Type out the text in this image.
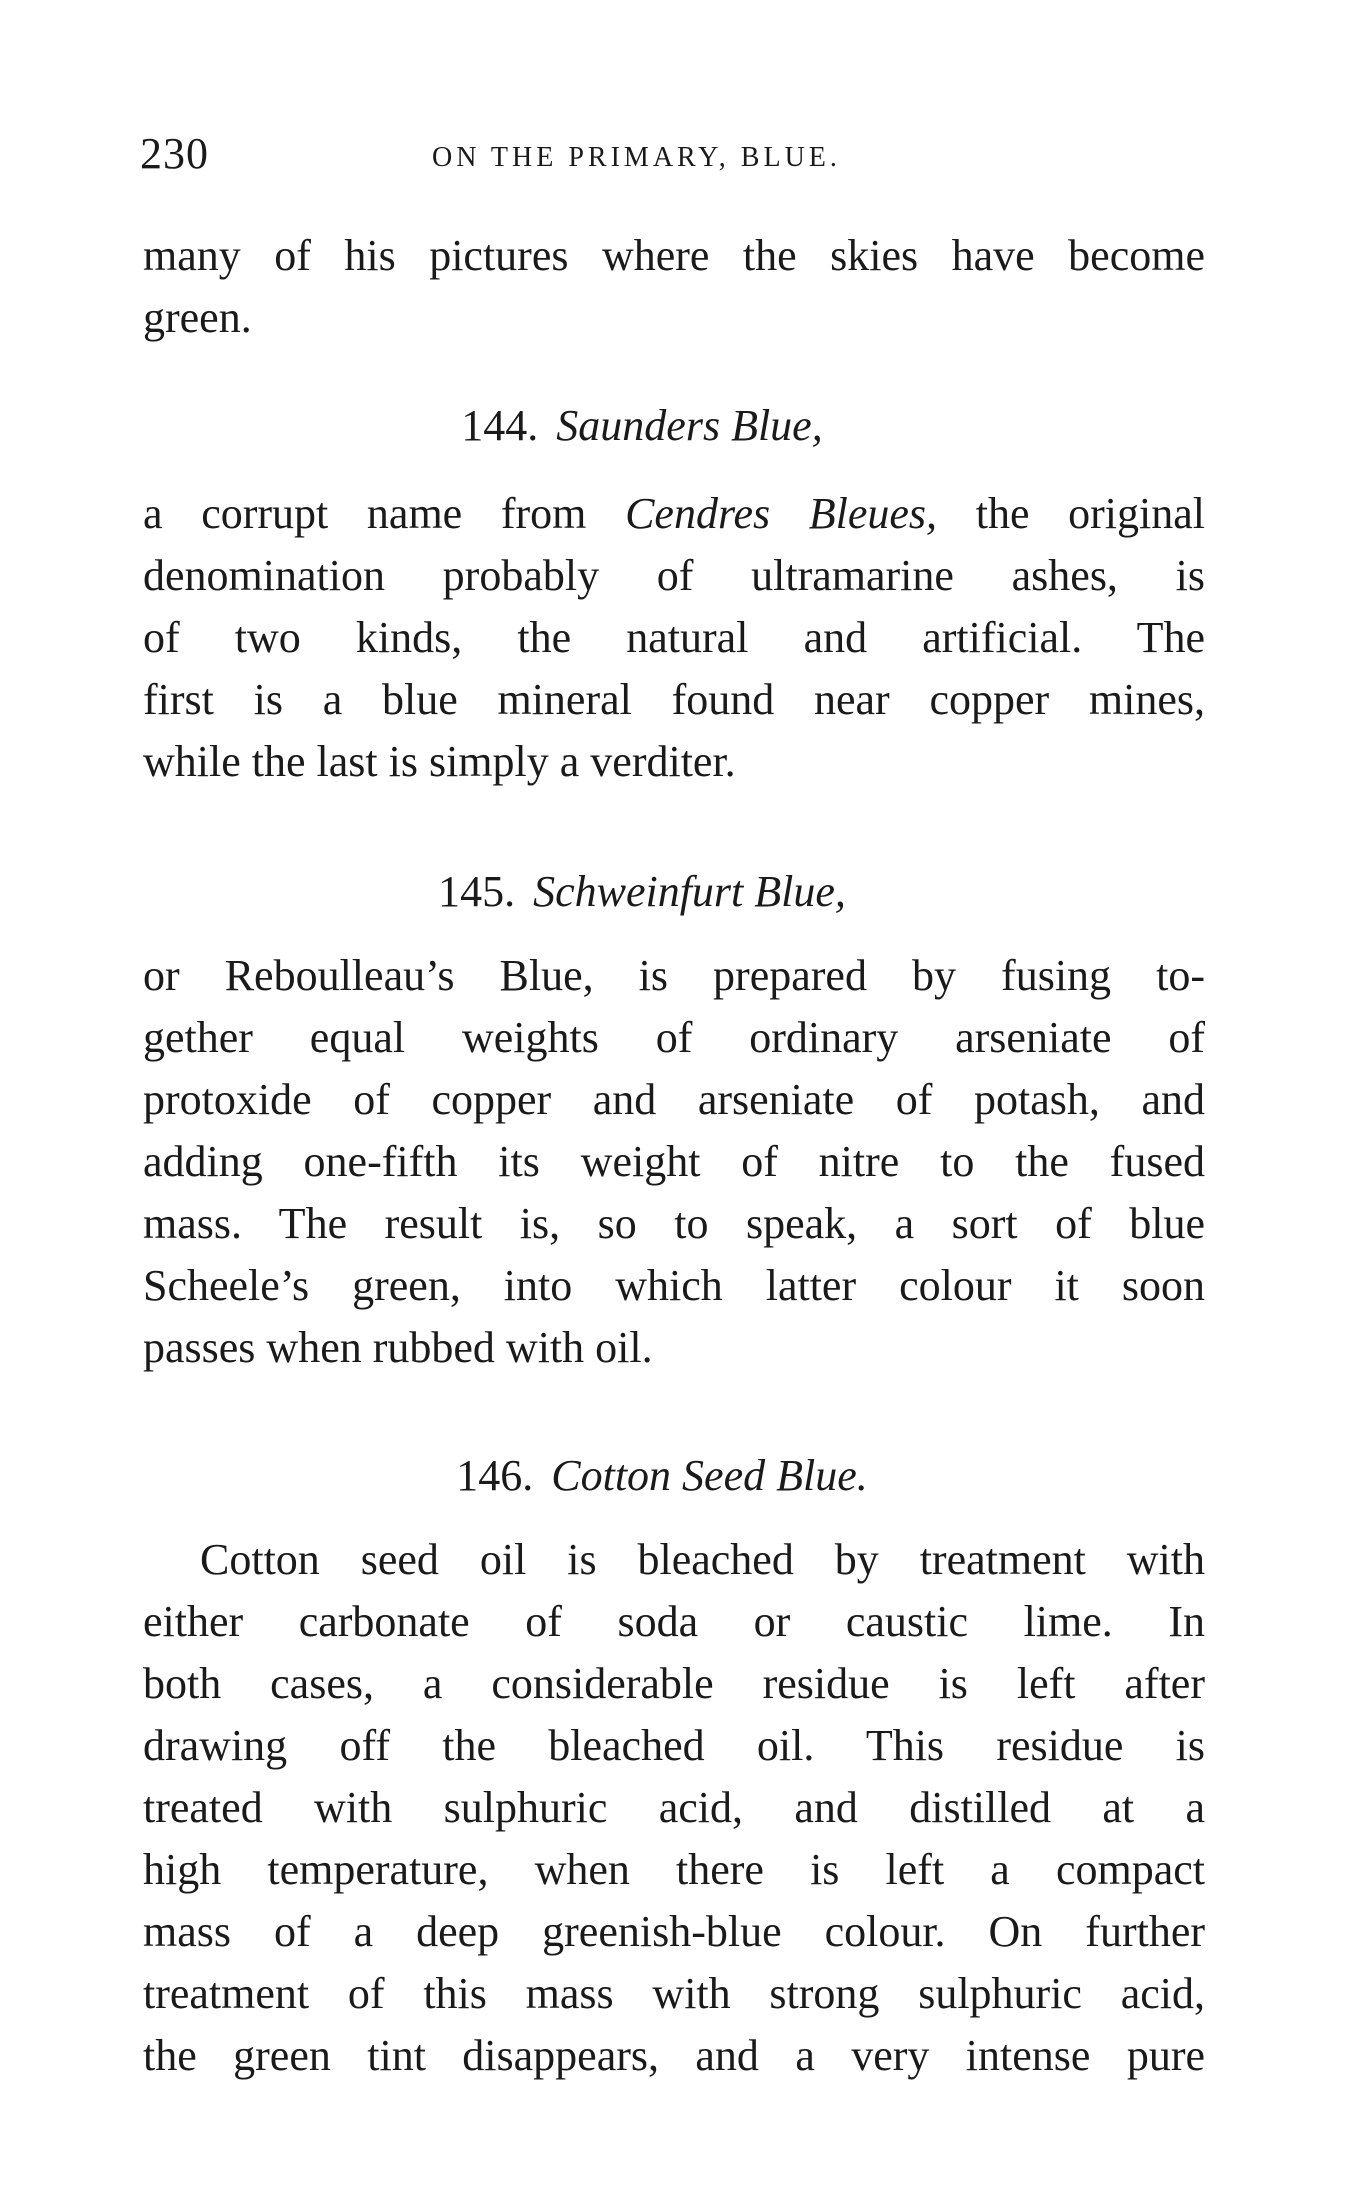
230	ON THE PRIMARY, BLUE.
many of his pictures where the skies have become
green.
144. Saunders Blue,
a corrupt name from Cendres Bleues, the original
denomination probably of ultramarine ashes, is
of two kinds, the natural and artificial. The
first is a blue mineral found near copper mines,
while the last is simply a verditer.
145. Schweinfurt Blue,
or Reboulleau’s Blue, is prepared by fusing to-
gether equal weights of ordinary arseniate of
protoxide of copper and arseniate of potash, and
adding one-fifth its weight of nitre to the fused
mass. The result is, so to speak, a sort of blue
Scheele’s green, into which latter colour it soon
passes when rubbed with oil.
146. Cotton Seed Blue.
Cotton seed oil is bleached by treatment with
either carbonate of soda or caustic lime. In
both cases, a considerable residue is left after
drawing off the bleached oil. This residue is
treated with sulphuric acid, and distilled at a
high temperature, when there is left a compact
mass of a deep greenish-blue colour. On further
treatment of this mass with strong sulphuric acid,
the green tint disappears, and a very intense pure
